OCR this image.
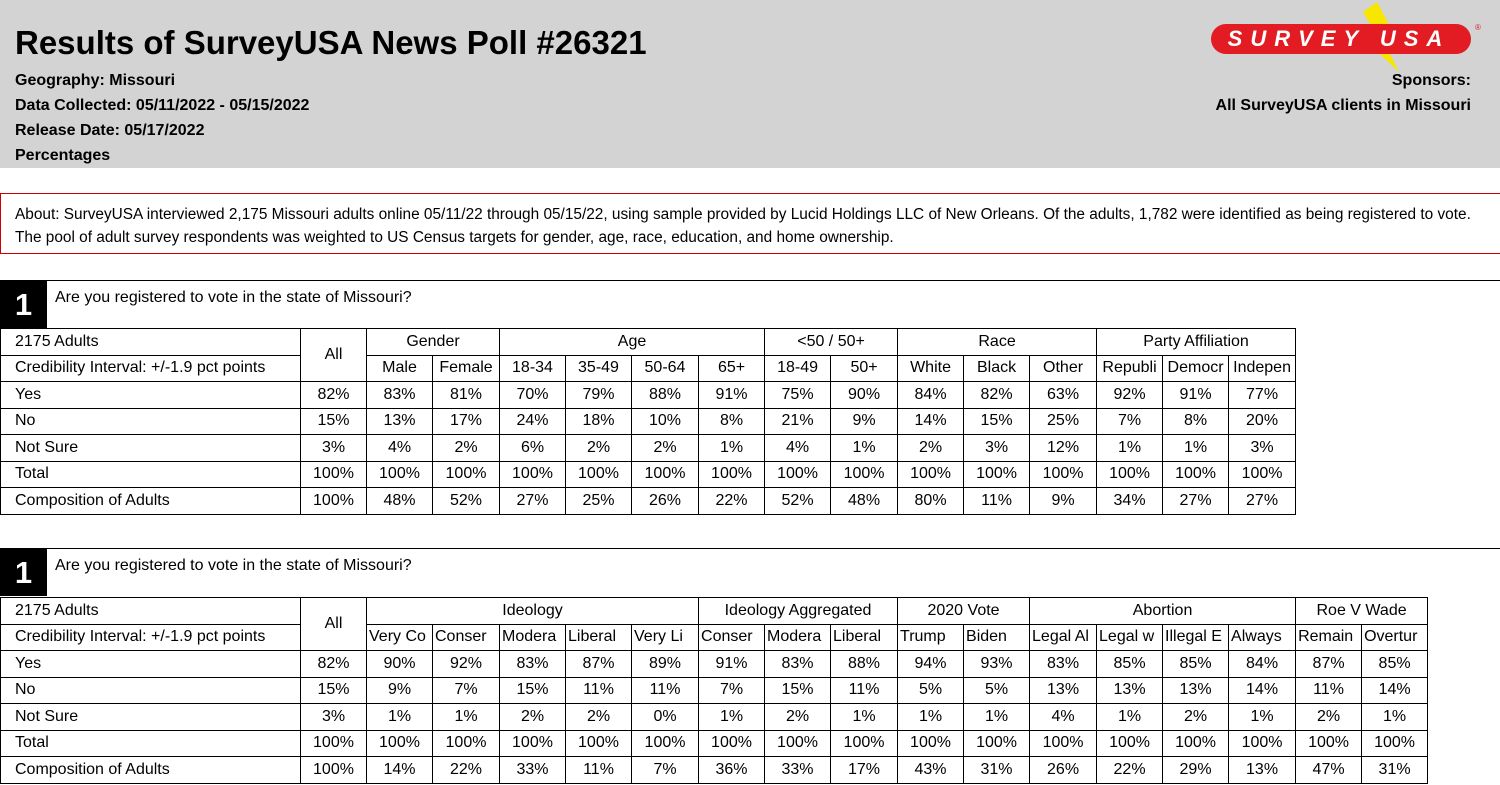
Results of SurveyUSA News Poll #26321
Geography: Missouri
Data Collected: 05/11/2022 - 05/15/2022
Release Date: 05/17/2022
Percentages
SURVEY USA	®
Sponsors:
All SurveyUSA clients in Missouri
About: SurveyUSA interviewed 2,175 Missouri adults online 05/11/22 through 05/15/22, using sample provided by Lucid Holdings LLC of New Orleans. Of the adults, 1,782 were identified as being registered to vote. The pool of adult survey respondents was weighted to US Census targets for gender, age, race, education, and home ownership.
1	Are you registered to vote in the state of Missouri?
2175 Adults	All	Gender		Age				<50 / 50+		Race			Party Affiliation		
Credibility Interval: +/-1.9 pct points		Male	Female	18-34	35-49	50-64	65+	18-49	50+	White	Black	Other	Republi	Democr	Indepen
Yes	82%	83%	81%	70%	79%	88%	91%	75%	90%	84%	82%	63%	92%	91%	77%
No	15%	13%	17%	24%	18%	10%	8%	21%	9%	14%	15%	25%	7%	8%	20%
Not Sure	3%	4%	2%	6%	2%	2%	1%	4%	1%	2%	3%	12%	1%	1%	3%
Total	100%	100%	100%	100%	100%	100%	100%	100%	100%	100%	100%	100%	100%	100%	100%
Composition of Adults	100%	48%	52%	27%	25%	26%	22%	52%	48%	80%	11%	9%	34%	27%	27%
1	Are you registered to vote in the state of Missouri?
2175 Adults	All	Ideology					Ideology Aggregated			2020 Vote		Abortion				Roe V Wade	
Credibility Interval: +/-1.9 pct points		Very Co	Conser	Modera	Liberal	Very Li	Conser	Modera	Liberal	Trump	Biden	Legal Al	Legal w	Illegal E	Always	Remain	Overtur
Yes	82%	90%	92%	83%	87%	89%	91%	83%	88%	94%	93%	83%	85%	85%	84%	87%	85%
No	15%	9%	7%	15%	11%	11%	7%	15%	11%	5%	5%	13%	13%	13%	14%	11%	14%
Not Sure	3%	1%	1%	2%	2%	0%	1%	2%	1%	1%	1%	4%	1%	2%	1%	2%	1%
Total	100%	100%	100%	100%	100%	100%	100%	100%	100%	100%	100%	100%	100%	100%	100%	100%	100%
Composition of Adults	100%	14%	22%	33%	11%	7%	36%	33%	17%	43%	31%	26%	22%	29%	13%	47%	31%
